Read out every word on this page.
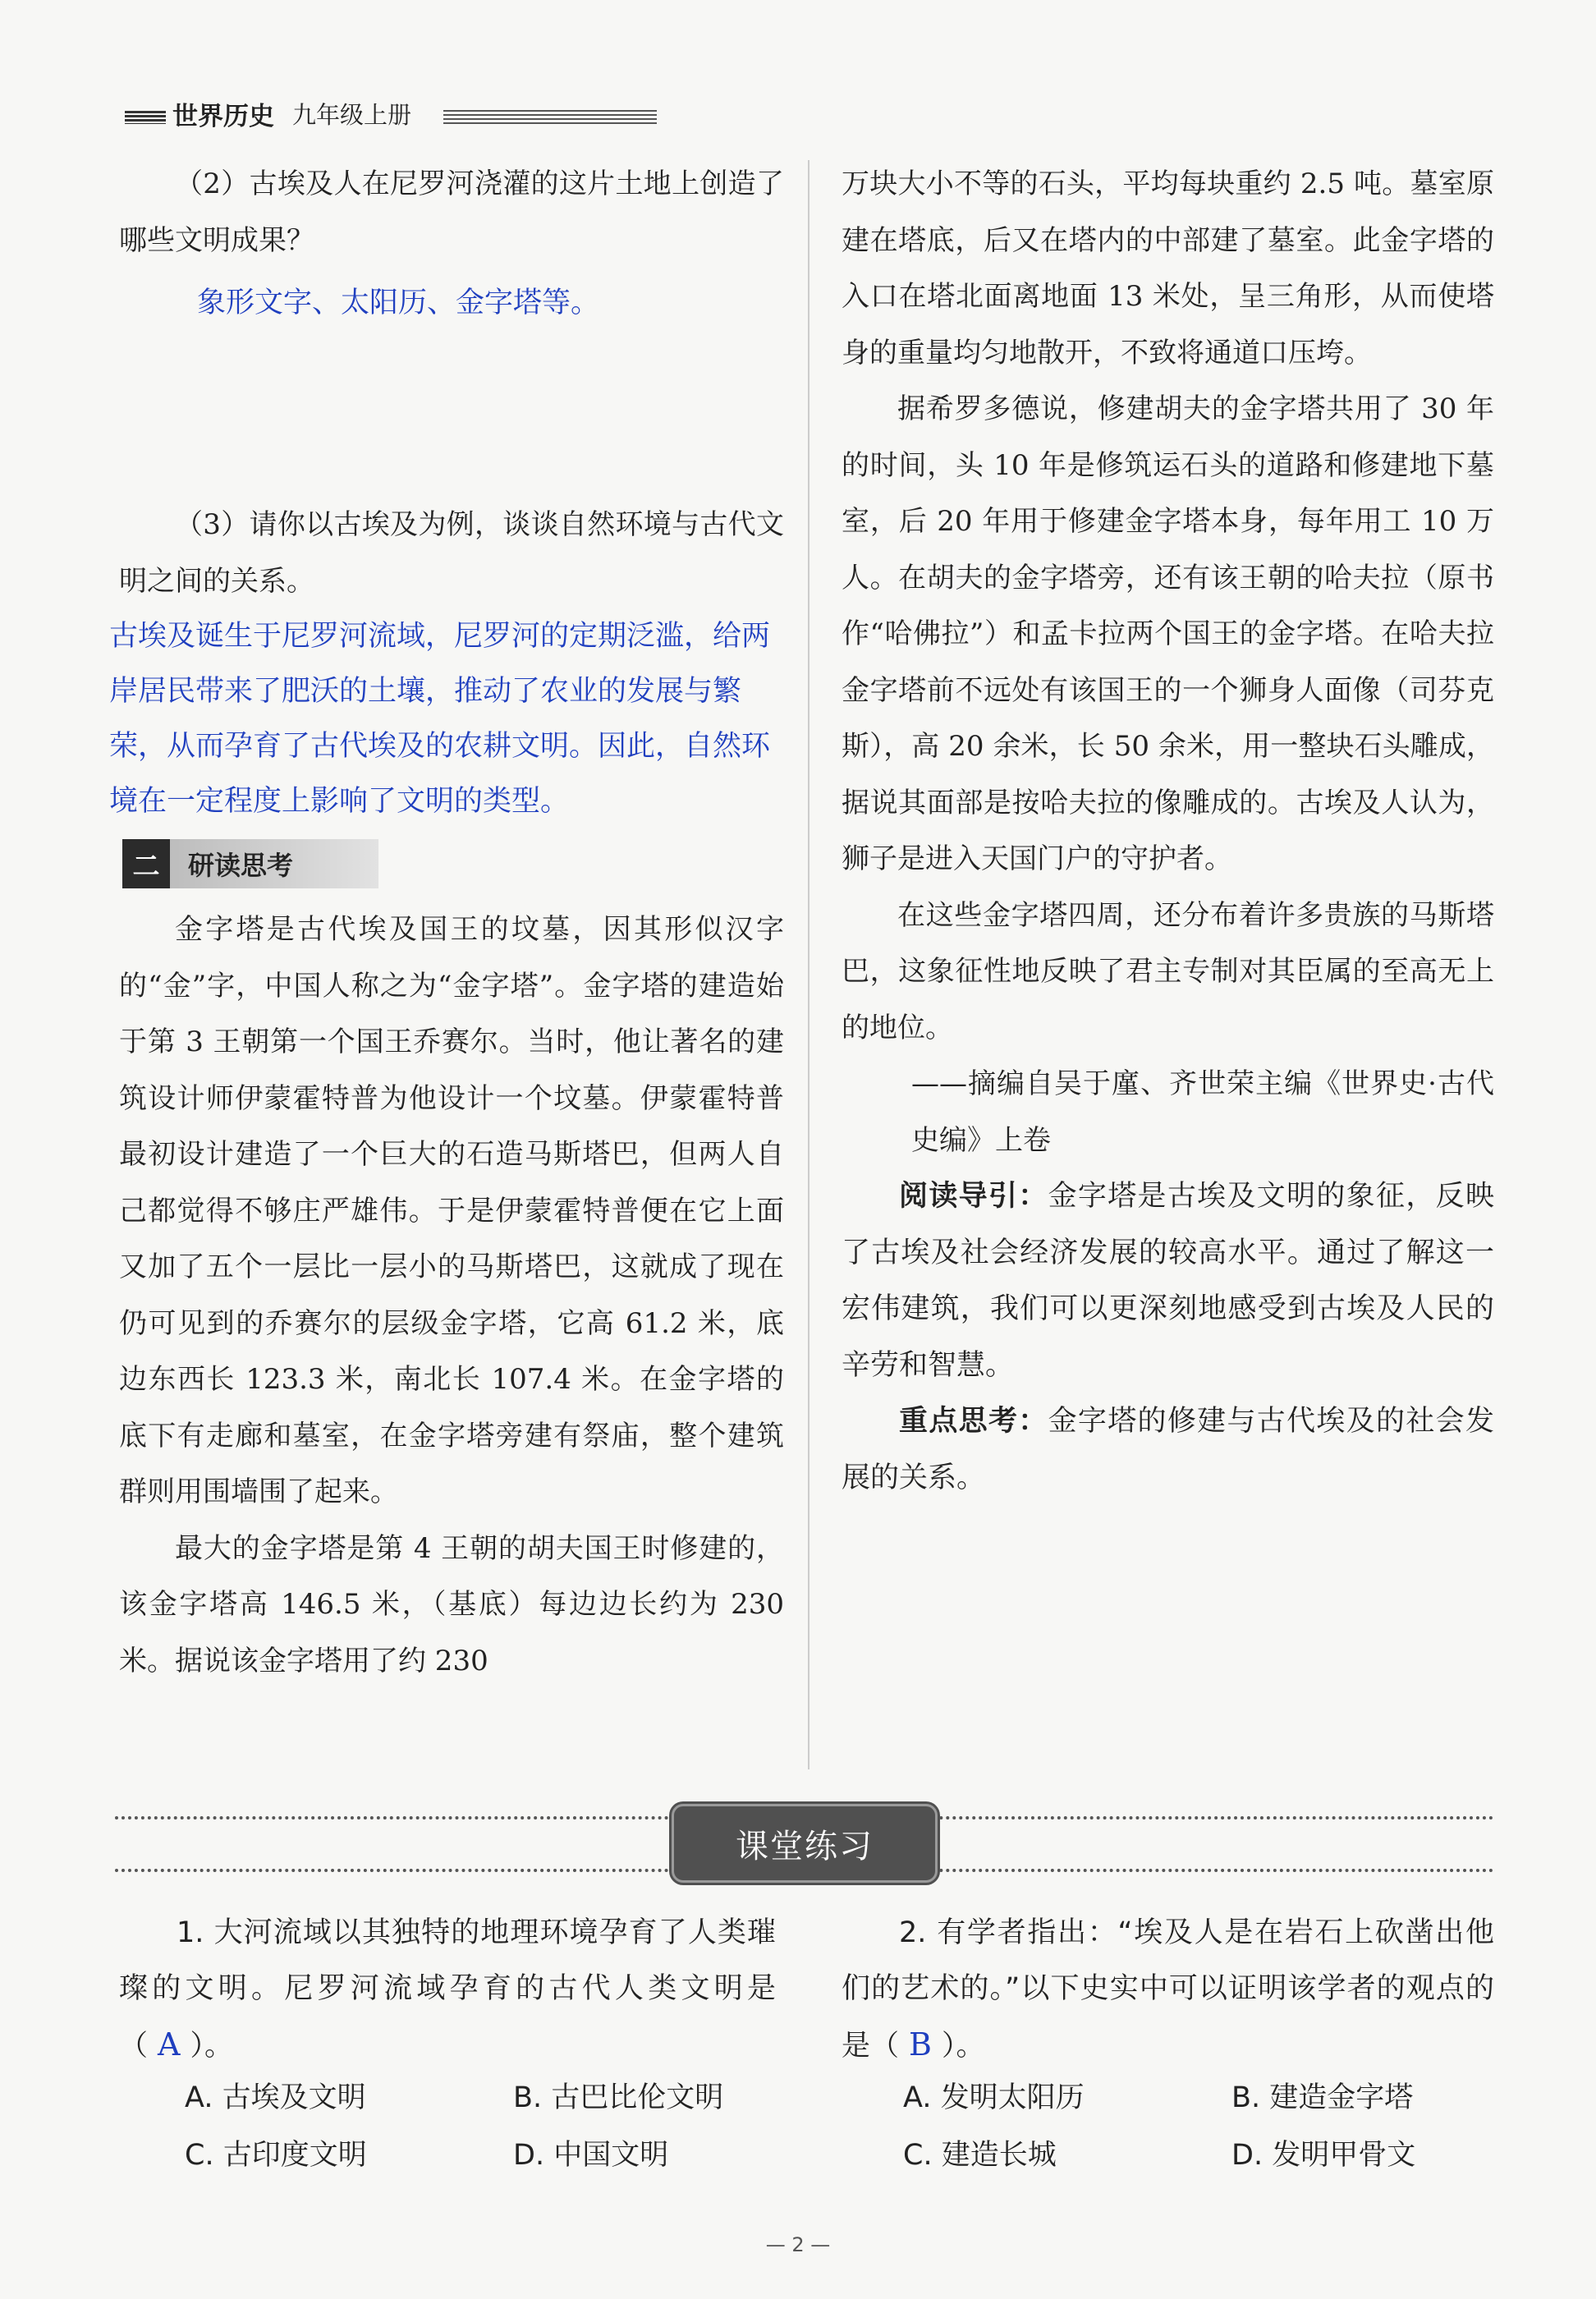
世界历史 九年级上册

（2）古埃及人在尼罗河浇灌的这片土地上创造了哪些文明成果？

象形文字、太阳历、金字塔等。

（3）请你以古埃及为例，谈谈自然环境与古代文明之间的关系。

古埃及诞生于尼罗河流域，尼罗河的定期泛滥，给两岸居民带来了肥沃的土壤，推动了农业的发展与繁荣，从而孕育了古代埃及的农耕文明。因此，自然环境在一定程度上影响了文明的类型。

二	研读思考

金字塔是古代埃及国王的坟墓，因其形似汉字的“金”字，中国人称之为“金字塔”。金字塔的建造始于第 3 王朝第一个国王乔赛尔。当时，他让著名的建筑设计师伊蒙霍特普为他设计一个坟墓。伊蒙霍特普最初设计建造了一个巨大的石造马斯塔巴，但两人自己都觉得不够庄严雄伟。于是伊蒙霍特普便在它上面又加了五个一层比一层小的马斯塔巴，这就成了现在仍可见到的乔赛尔的层级金字塔，它高 61.2 米，底边东西长 123.3 米，南北长 107.4 米。在金字塔的底下有走廊和墓室，在金字塔旁建有祭庙，整个建筑群则用围墙围了起来。

最大的金字塔是第 4 王朝的胡夫国王时修建的，该金字塔高 146.5 米，（基底）每边边长约为 230 米。据说该金字塔用了约 230

万块大小不等的石头，平均每块重约 2.5 吨。墓室原建在塔底，后又在塔内的中部建了墓室。此金字塔的入口在塔北面离地面 13 米处，呈三角形，从而使塔身的重量均匀地散开，不致将通道口压垮。

据希罗多德说，修建胡夫的金字塔共用了 30 年的时间，头 10 年是修筑运石头的道路和修建地下墓室，后 20 年用于修建金字塔本身，每年用工 10 万人。在胡夫的金字塔旁，还有该王朝的哈夫拉（原书作“哈佛拉”）和孟卡拉两个国王的金字塔。在哈夫拉金字塔前不远处有该国王的一个狮身人面像（司芬克斯），高 20 余米，长 50 余米，用一整块石头雕成，据说其面部是按哈夫拉的像雕成的。古埃及人认为，狮子是进入天国门户的守护者。

在这些金字塔四周，还分布着许多贵族的马斯塔巴，这象征性地反映了君主专制对其臣属的至高无上的地位。

——摘编自吴于廑、齐世荣主编《世界史·古代史编》上卷

阅读导引：金字塔是古埃及文明的象征，反映了古埃及社会经济发展的较高水平。通过了解这一宏伟建筑，我们可以更深刻地感受到古埃及人民的辛劳和智慧。

重点思考：金字塔的修建与古代埃及的社会发展的关系。

课堂练习

1. 大河流域以其独特的地理环境孕育了人类璀璨的文明。尼罗河流域孕育的古代人类文明是（ A ）。

A. 古埃及文明	B. 古巴比伦文明
C. 古印度文明	D. 中国文明

2. 有学者指出：“埃及人是在岩石上砍凿出他们的艺术的。”以下史实中可以证明该学者的观点的是（ B ）。

A. 发明太阳历	B. 建造金字塔
C. 建造长城	D. 发明甲骨文
— 2 —
